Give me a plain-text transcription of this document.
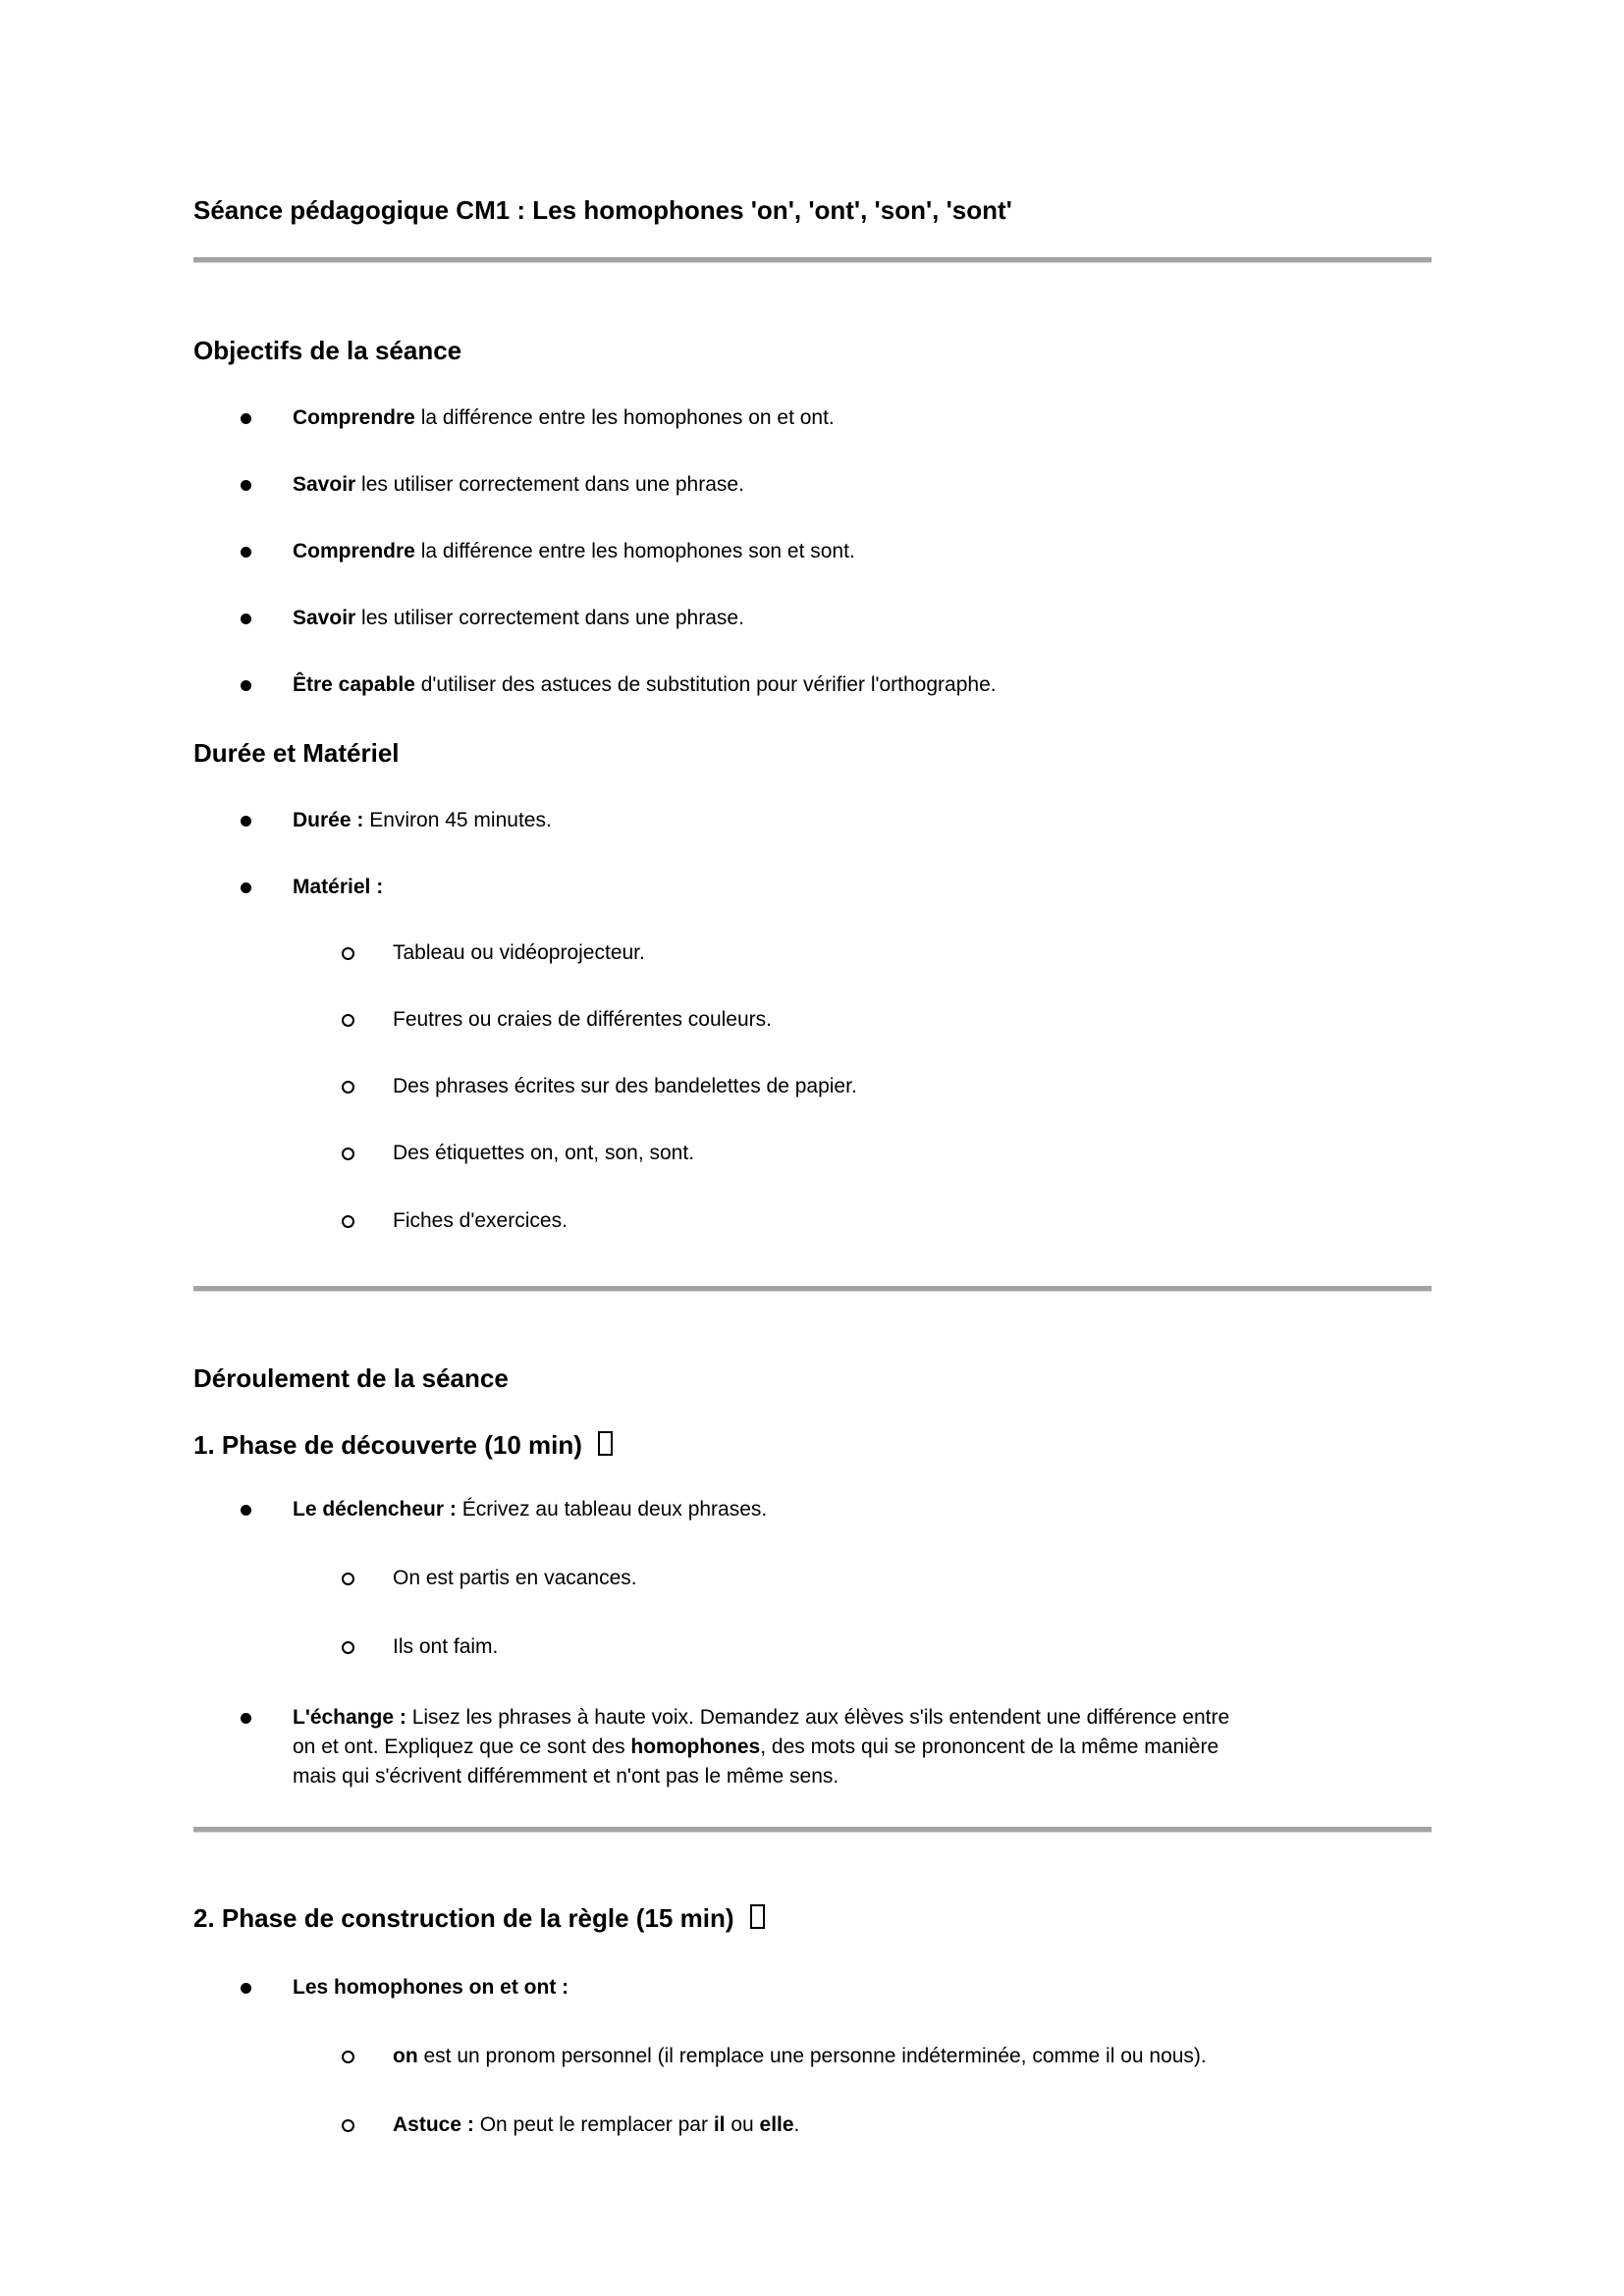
Séance pédagogique CM1 : Les homophones 'on', 'ont', 'son', 'sont'
Objectifs de la séance
Comprendre la différence entre les homophones on et ont.
Savoir les utiliser correctement dans une phrase.
Comprendre la différence entre les homophones son et sont.
Savoir les utiliser correctement dans une phrase.
Être capable d'utiliser des astuces de substitution pour vérifier l'orthographe.
Durée et Matériel
Durée : Environ 45 minutes.
Matériel :
Tableau ou vidéoprojecteur.
Feutres ou craies de différentes couleurs.
Des phrases écrites sur des bandelettes de papier.
Des étiquettes on, ont, son, sont.
Fiches d'exercices.
Déroulement de la séance
1. Phase de découverte (10 min)
Le déclencheur : Écrivez au tableau deux phrases.
On est partis en vacances.
Ils ont faim.
L'échange : Lisez les phrases à haute voix. Demandez aux élèves s'ils entendent une différence entre
on et ont. Expliquez que ce sont des homophones, des mots qui se prononcent de la même manière
mais qui s'écrivent différemment et n'ont pas le même sens.
2. Phase de construction de la règle (15 min)
Les homophones on et ont :
on est un pronom personnel (il remplace une personne indéterminée, comme il ou nous).
Astuce : On peut le remplacer par il ou elle.
